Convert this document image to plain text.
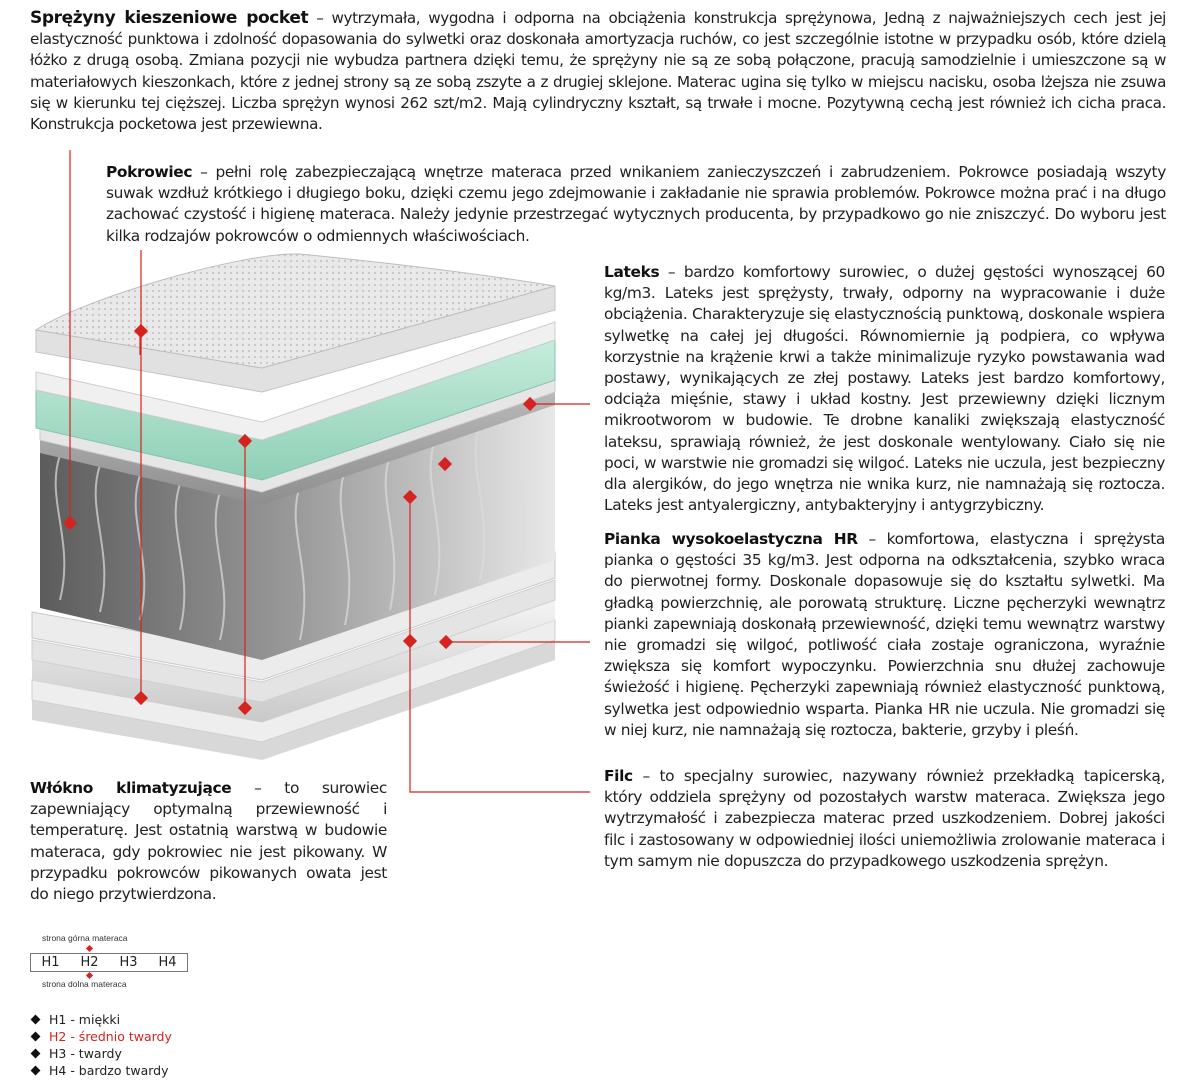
Sprężyny kieszeniowe pocket – wytrzymała, wygodna i odporna na obciążenia konstrukcja sprężynowa, Jedną z najważniejszych cech jest jej elastyczność punktowa i zdolność dopasowania do sylwetki oraz doskonała amortyzacja ruchów, co jest szczególnie istotne w przypadku osób, które dzielą łóżko z drugą osobą. Zmiana pozycji nie wybudza partnera dzięki temu, że sprężyny nie są ze sobą połączone, pracują samodzielnie i umieszczone są w materiałowych kieszonkach, które z jednej strony są ze sobą zszyte a z drugiej sklejone. Materac ugina się tylko w miejscu nacisku, osoba lżejsza nie zsuwa się w kierunku tej cięższej. Liczba sprężyn wynosi 262 szt/m2. Mają cylindryczny kształt, są trwałe i mocne. Pozytywną cechą jest również ich cicha praca. Konstrukcja pocketowa jest przewiewna.

Pokrowiec – pełni rolę zabezpieczającą wnętrze materaca przed wnikaniem zanieczyszczeń i zabrudzeniem. Pokrowce posiadają wszyty suwak wzdłuż krótkiego i długiego boku, dzięki czemu jego zdejmowanie i zakładanie nie sprawia problemów. Pokrowce można prać i na długo zachować czystość i higienę materaca. Należy jedynie przestrzegać wytycznych producenta, by przypadkowo go nie zniszczyć. Do wyboru jest kilka rodzajów pokrowców o odmiennych właściwościach.

Lateks – bardzo komfortowy surowiec, o dużej gęstości wynoszącej 60 kg/m3. Lateks jest sprężysty, trwały, odporny na wypracowanie i duże obciążenia. Charakteryzuje się elastycznością punktową, doskonale wspiera sylwetkę na całej jej długości. Równomiernie ją podpiera, co wpływa korzystnie na krążenie krwi a także minimalizuje ryzyko powstawania wad postawy, wynikających ze złej postawy. Lateks jest bardzo komfortowy, odciąża mięśnie, stawy i układ kostny. Jest przewiewny dzięki licznym mikrootworom w budowie. Te drobne kanaliki zwiększają elastyczność lateksu, sprawiają również, że jest doskonale wentylowany. Ciało się nie poci, w warstwie nie gromadzi się wilgoć. Lateks nie uczula, jest bezpieczny dla alergików, do jego wnętrza nie wnika kurz, nie namnażają się roztocza. Lateks jest antyalergiczny, antybakteryjny i antygrzybiczny.

Pianka wysokoelastyczna HR – komfortowa, elastyczna i sprężysta pianka o gęstości 35 kg/m3. Jest odporna na odkształcenia, szybko wraca do pierwotnej formy. Doskonale dopasowuje się do kształtu sylwetki. Ma gładką powierzchnię, ale porowatą strukturę. Liczne pęcherzyki wewnątrz pianki zapewniają doskonałą przewiewność, dzięki temu wewnątrz warstwy nie gromadzi się wilgoć, potliwość ciała zostaje ograniczona, wyraźnie zwiększa się komfort wypoczynku. Powierzchnia snu dłużej zachowuje świeżość i higienę. Pęcherzyki zapewniają również elastyczność punktową, sylwetka jest odpowiednio wsparta. Pianka HR nie uczula. Nie gromadzi się w niej kurz, nie namnażają się roztocza, bakterie, grzyby i pleśń.

Filc – to specjalny surowiec, nazywany również przekładką tapicerską, który oddziela sprężyny od pozostałych warstw materaca. Zwiększa jego wytrzymałość i zabezpiecza materac przed uszkodzeniem. Dobrej jakości filc i zastosowany w odpowiedniej ilości uniemożliwia zrolowanie materaca i tym samym nie dopuszcza do przypadkowego uszkodzenia sprężyn.

Włókno klimatyzujące – to surowiec zapewniający optymalną przewiewność i temperaturę. Jest ostatnią warstwą w budowie materaca, gdy pokrowiec nie jest pikowany. W przypadku pokrowców pikowanych owata jest do niego przytwierdzona.

strona górna materaca
H1	H2	H3	H4
strona dolna materaca
H1 - miękki
H2 - średnio twardy
H3 - twardy
H4 - bardzo twardy
